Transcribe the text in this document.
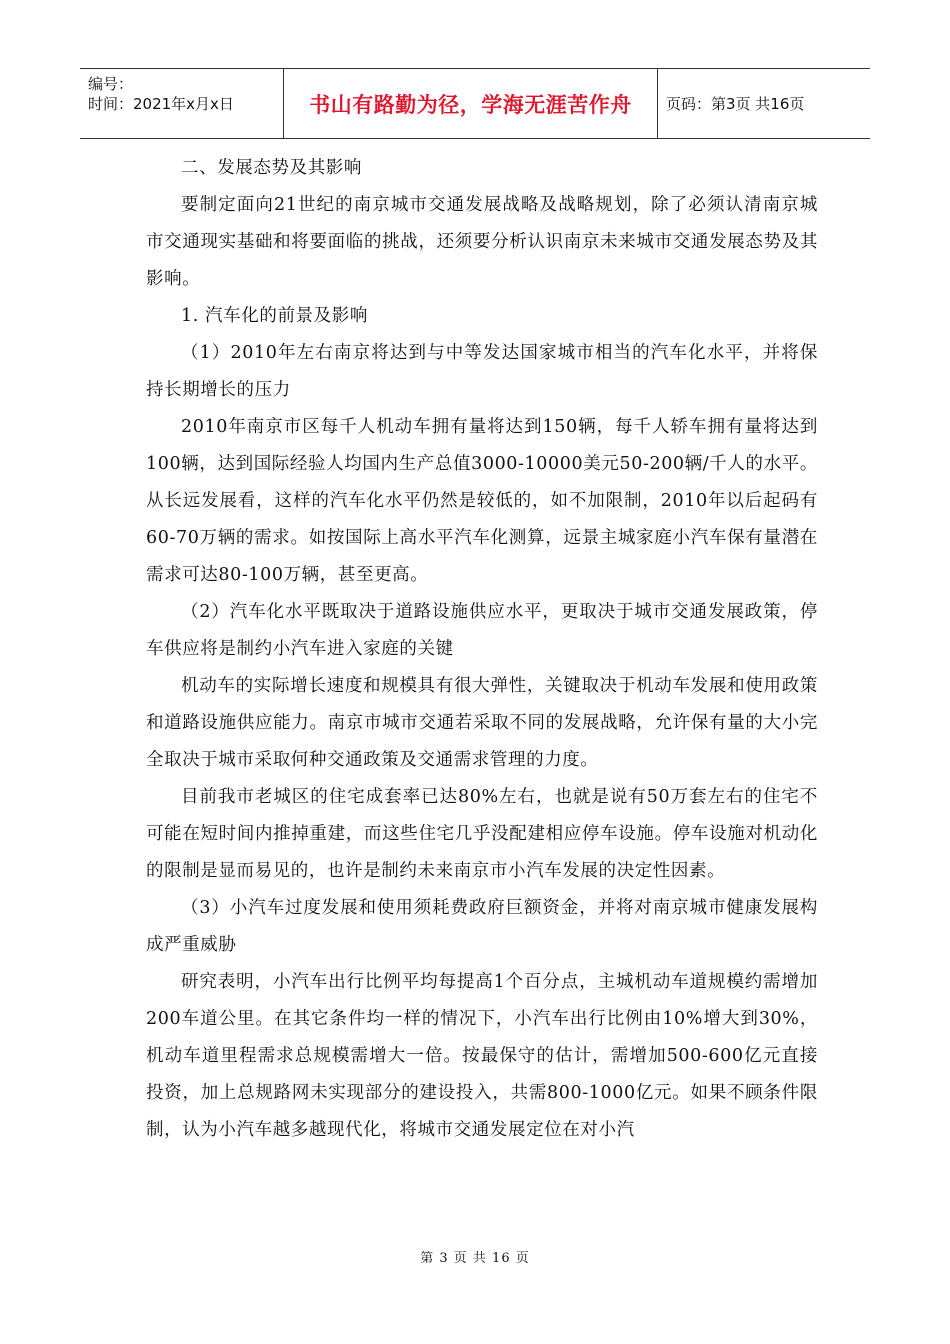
编号：
时间：2021年x月x日	书山有路勤为径，学海无涯苦作舟	页码：第3页 共16页

二、发展态势及其影响

要制定面向21世纪的南京城市交通发展战略及战略规划，除了必须认清南京城市交通现实基础和将要面临的挑战，还须要分析认识南京未来城市交通发展态势及其影响。

1. 汽车化的前景及影响

（1）2010年左右南京将达到与中等发达国家城市相当的汽车化水平，并将保持长期增长的压力

2010年南京市区每千人机动车拥有量将达到150辆，每千人轿车拥有量将达到100辆，达到国际经验人均国内生产总值3000-10000美元50-200辆/千人的水平。从长远发展看，这样的汽车化水平仍然是较低的，如不加限制，2010年以后起码有60-70万辆的需求。如按国际上高水平汽车化测算，远景主城家庭小汽车保有量潜在需求可达80-100万辆，甚至更高。

（2）汽车化水平既取决于道路设施供应水平，更取决于城市交通发展政策，停车供应将是制约小汽车进入家庭的关键

机动车的实际增长速度和规模具有很大弹性，关键取决于机动车发展和使用政策和道路设施供应能力。南京市城市交通若采取不同的发展战略，允许保有量的大小完全取决于城市采取何种交通政策及交通需求管理的力度。

目前我市老城区的住宅成套率已达80%左右，也就是说有50万套左右的住宅不可能在短时间内推掉重建，而这些住宅几乎没配建相应停车设施。停车设施对机动化的限制是显而易见的，也许是制约未来南京市小汽车发展的决定性因素。

（3）小汽车过度发展和使用须耗费政府巨额资金，并将对南京城市健康发展构成严重威胁

研究表明，小汽车出行比例平均每提高1个百分点，主城机动车道规模约需增加200车道公里。在其它条件均一样的情况下，小汽车出行比例由10%增大到30%，机动车道里程需求总规模需增大一倍。按最保守的估计，需增加500-600亿元直接投资，加上总规路网未实现部分的建设投入，共需800-1000亿元。如果不顾条件限制，认为小汽车越多越现代化，将城市交通发展定位在对小汽

第 3 页 共 16 页
